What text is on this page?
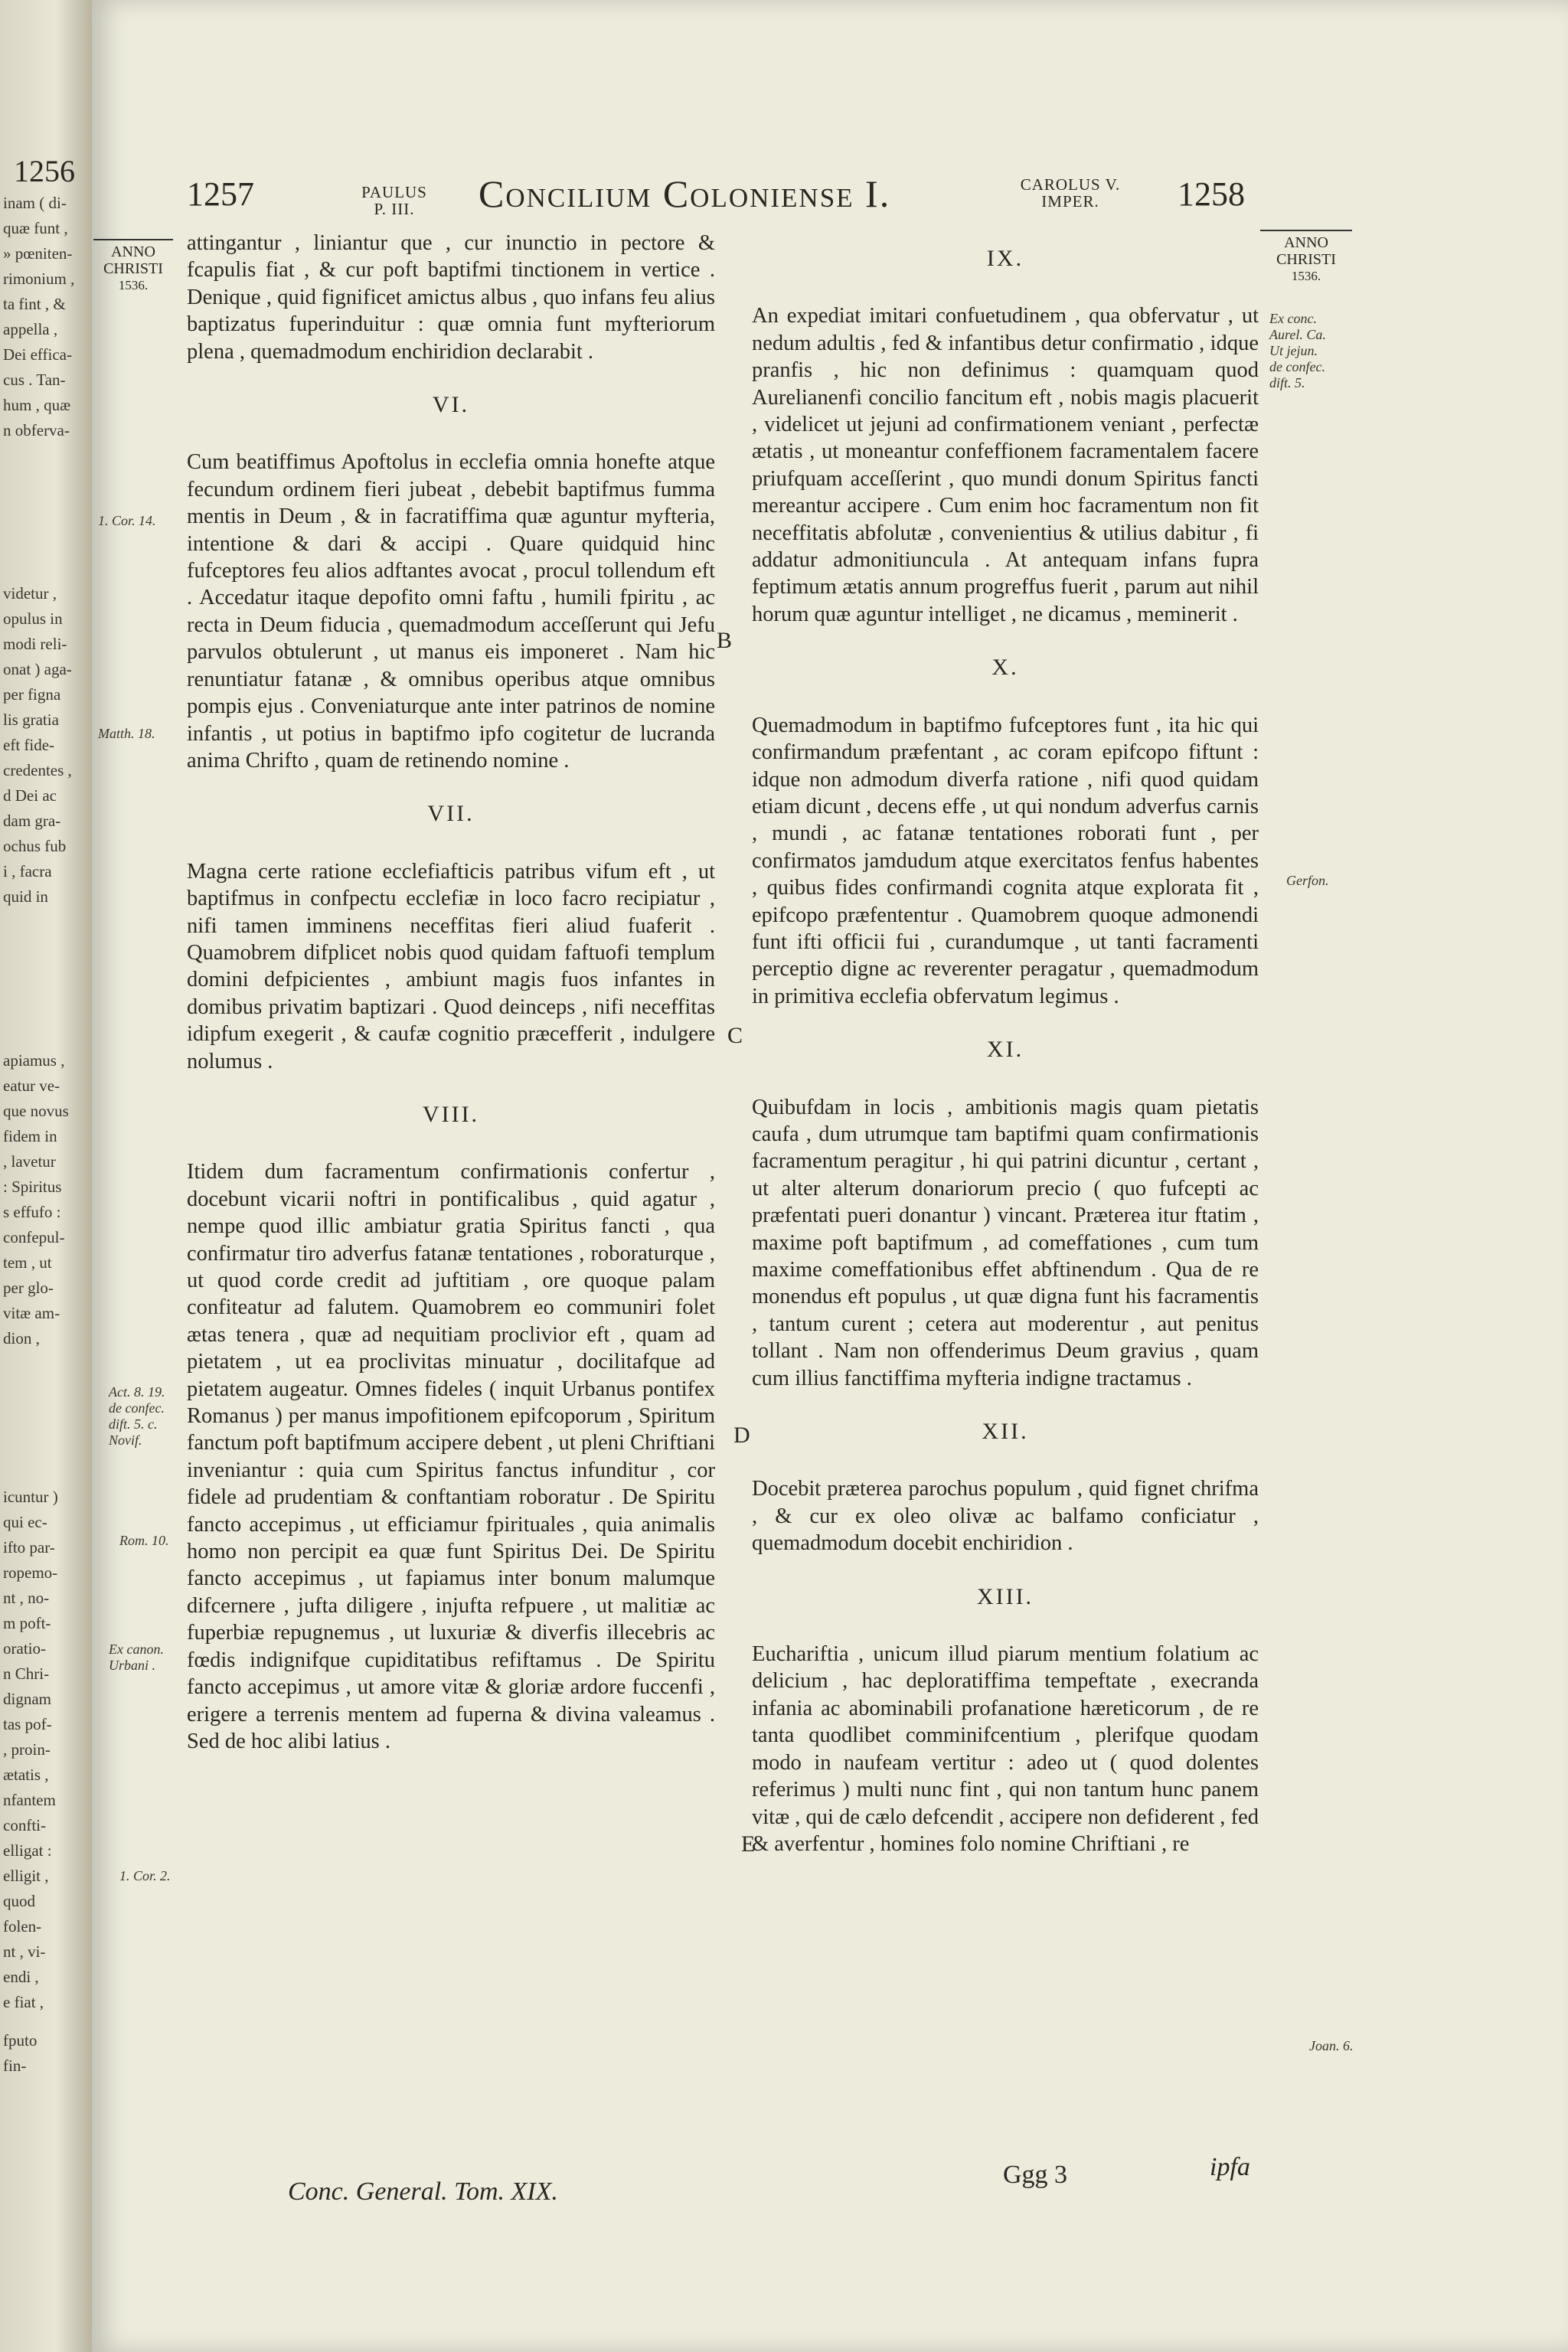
1256
inam ( di-
quæ funt ,
» pœniten-
rimonium ,
ta fint , &
appella ,
Dei effica-
cus . Tan-
hum , quæ
n obferva-
videtur ,
opulus in
modi reli-
onat ) aga-
per figna
lis gratia
eft fide-
credentes ,
d Dei ac
dam gra-
ochus fub
i , facra
quid in
apiamus ,
eatur ve-
que novus
fidem in
, lavetur
: Spiritus
s effufo :
confepul-
tem , ut
per glo-
vitæ am-
dion ,
icuntur )
qui ec-
ifto par-
ropemo-
nt , no-
m poft-
oratio-
n Chri-
dignam
tas pof-
, proin-
ætatis ,
nfantem
confti-
elligat :
elligit ,
quod
folen-
nt , vi-
endi ,
e fiat ,
fputo
fin-
1257	PAULUS
P. III.	Concilium Coloniense I.	CAROLUS V.
IMPER.	1258
ANNO
CHRISTI
1536.
ANNO
CHRISTI
1536.
1. Cor. 14.
Matth. 18.
Act. 8. 19.
de confec.
dift. 5. c.
Novif.
Rom. 10.
Ex canon.
Urbani .
1. Cor. 2.
Ex conc.
Aurel. Ca.
Ut jejun.
de confec.
dift. 5.
Gerfon.
Joan. 6.
B
C
D
E

attingantur , liniantur que , cur inunctio in pectore & fcapulis fiat , & cur poft baptifmi tinctionem in vertice . Denique , quid fignificet amictus albus , quo infans feu alius baptizatus fuperinduitur : quæ omnia funt myfteriorum plena , quemadmodum enchiridion declarabit .

VI.

Cum beatiffimus Apoftolus in ecclefia omnia honefte atque fecundum ordinem fieri jubeat , debebit baptifmus fumma mentis in Deum , & in facratiffima quæ aguntur myfteria, intentione & dari & accipi . Quare quidquid hinc fufceptores feu alios adftantes avocat , procul tollendum eft . Accedatur itaque depofito omni faftu , humili fpiritu , ac recta in Deum fiducia , quemadmodum acceſſerunt qui Jefu parvulos obtulerunt , ut manus eis imponeret . Nam hic renuntiatur fatanæ , & omnibus operibus atque omnibus pompis ejus . Conveniaturque ante inter patrinos de nomine infantis , ut potius in baptifmo ipfo cogitetur de lucranda anima Chrifto , quam de retinendo nomine .

VII.

Magna certe ratione ecclefiafticis patribus vifum eft , ut baptifmus in confpectu ecclefiæ in loco facro recipiatur , nifi tamen imminens neceffitas fieri aliud fuaferit . Quamobrem difplicet nobis quod quidam faftuofi templum domini defpicientes , ambiunt magis fuos infantes in domibus privatim baptizari . Quod deinceps , nifi neceffitas idipfum exegerit , & caufæ cognitio præcefferit , indulgere nolumus .

VIII.

Itidem dum facramentum confirmationis confertur , docebunt vicarii noftri in pontificalibus , quid agatur , nempe quod illic ambiatur gratia Spiritus fancti , qua confirmatur tiro adverfus fatanæ tentationes , roboraturque , ut quod corde credit ad juftitiam , ore quoque palam confiteatur ad falutem. Quamobrem eo communiri folet ætas tenera , quæ ad nequitiam proclivior eft , quam ad pietatem , ut ea proclivitas minuatur , docilitafque ad pietatem augeatur. Omnes fideles ( inquit Urbanus pontifex Romanus ) per manus impofitionem epifcoporum , Spiritum fanctum poft baptifmum accipere debent , ut pleni Chriftiani inveniantur : quia cum Spiritus fanctus infunditur , cor fidele ad prudentiam & conftantiam roboratur . De Spiritu fancto accepimus , ut efficiamur fpirituales , quia animalis homo non percipit ea quæ funt Spiritus Dei. De Spiritu fancto accepimus , ut fapiamus inter bonum malumque difcernere , jufta diligere , injufta refpuere , ut malitiæ ac fuperbiæ repugnemus , ut luxuriæ & diverfis illecebris ac fœdis indignifque cupiditatibus refiftamus . De Spiritu fancto accepimus , ut amore vitæ & gloriæ ardore fuccenfi , erigere a terrenis mentem ad fuperna & divina valeamus . Sed de hoc alibi latius .

IX.

An expediat imitari confuetudinem , qua obfervatur , ut nedum adultis , fed & infantibus detur confirmatio , idque pranfis , hic non definimus : quamquam quod Aurelianenfi concilio fancitum eft , nobis magis placuerit , videlicet ut jejuni ad confirmationem veniant , perfectæ ætatis , ut moneantur confeffionem facramentalem facere priufquam acceſſerint , quo mundi donum Spiritus fancti mereantur accipere . Cum enim hoc facramentum non fit neceffitatis abfolutæ , convenientius & utilius dabitur , fi addatur admonitiuncula . At antequam infans fupra feptimum ætatis annum progreffus fuerit , parum aut nihil horum quæ aguntur intelliget , ne dicamus , meminerit .

X.

Quemadmodum in baptifmo fufceptores funt , ita hic qui confirmandum præfentant , ac coram epifcopo fiftunt : idque non admodum diverfa ratione , nifi quod quidam etiam dicunt , decens effe , ut qui nondum adverfus carnis , mundi , ac fatanæ tentationes roborati funt , per confirmatos jamdudum atque exercitatos fenfus habentes , quibus fides confirmandi cognita atque explorata fit , epifcopo præfententur . Quamobrem quoque admonendi funt ifti officii fui , curandumque , ut tanti facramenti perceptio digne ac reverenter peragatur , quemadmodum in primitiva ecclefia obfervatum legimus .

XI.

Quibufdam in locis , ambitionis magis quam pietatis caufa , dum utrumque tam baptifmi quam confirmationis facramentum peragitur , hi qui patrini dicuntur , certant , ut alter alterum donariorum precio ( quo fufcepti ac præfentati pueri donantur ) vincant. Præterea itur ftatim , maxime poft baptifmum , ad comeffationes , cum tum maxime comeffationibus effet abftinendum . Qua de re monendus eft populus , ut quæ digna funt his facramentis , tantum curent ; cetera aut moderentur , aut penitus tollant . Nam non offenderimus Deum gravius , quam cum illius fanctiffima myfteria indigne tractamus .

XII.

Docebit præterea parochus populum , quid fignet chrifma , & cur ex oleo olivæ ac balfamo conficiatur , quemadmodum docebit enchiridion .

XIII.

Euchariftia , unicum illud piarum mentium folatium ac delicium , hac deploratiffima tempeftate , execranda infania ac abominabili profanatione hæreticorum , de re tanta quodlibet comminifcentium , plerifque quodam modo in naufeam vertitur : adeo ut ( quod dolentes referimus ) multi nunc fint , qui non tantum hunc panem vitæ , qui de cælo defcendit , accipere non defiderent , fed & averfentur , homines folo nomine Chriftiani , re

Conc. General. Tom. XIX.
Ggg 3	ipfa
